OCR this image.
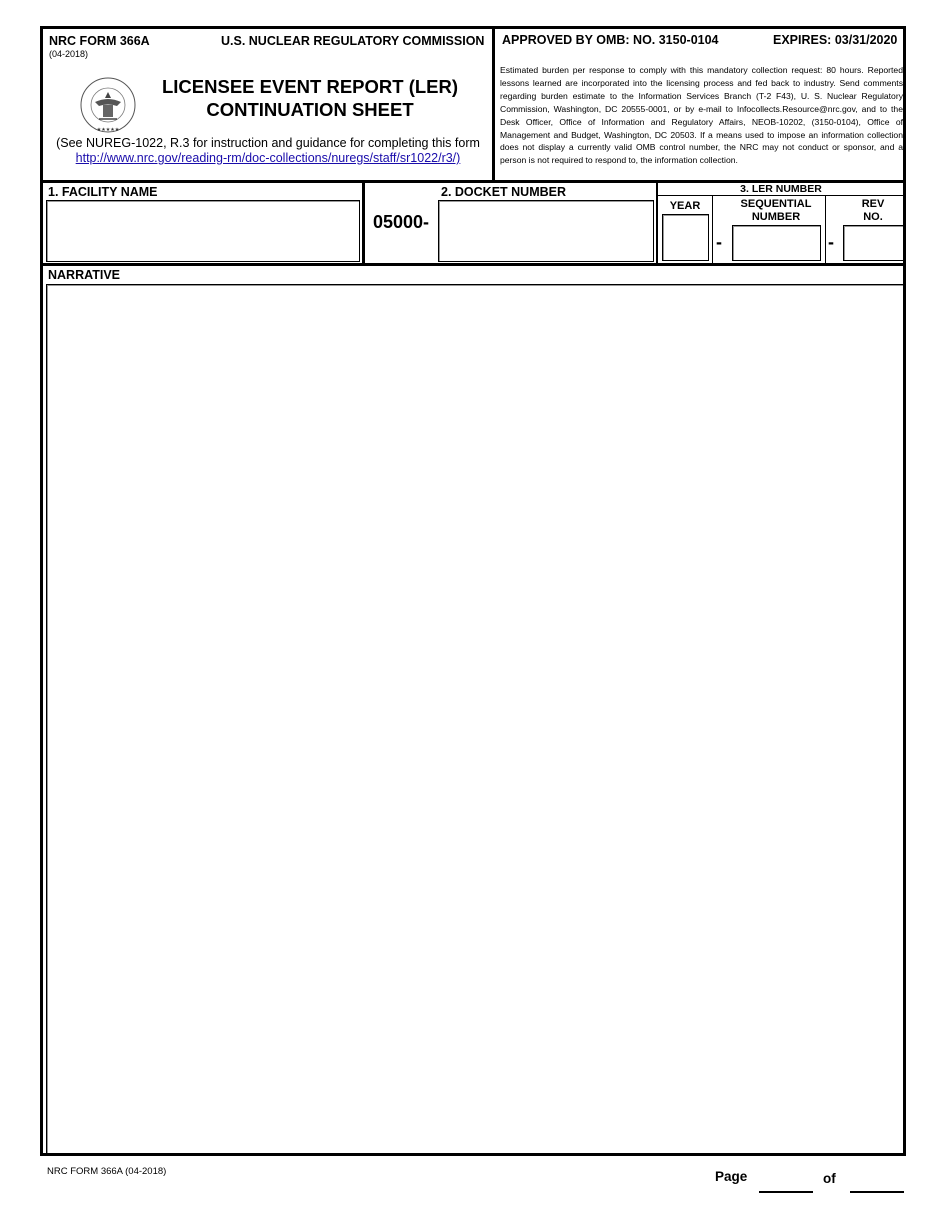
NRC FORM 366A
(04-2018)
U.S. NUCLEAR REGULATORY COMMISSION
★★★★★
LICENSEE EVENT REPORT (LER)
CONTINUATION SHEET
(See NUREG-1022, R.3 for instruction and guidance for completing this form
http://www.nrc.gov/reading-rm/doc-collections/nuregs/staff/sr1022/r3/)
APPROVED BY OMB: NO. 3150-0104	EXPIRES: 03/31/2020
Estimated burden per response to comply with this mandatory collection request: 80 hours. Reported lessons learned are incorporated into the licensing process and fed back to industry. Send comments regarding burden estimate to the Information Services Branch (T-2 F43), U. S. Nuclear Regulatory Commission, Washington, DC 20555-0001, or by e-mail to Infocollects.Resource@nrc.gov, and to the Desk Officer, Office of Information and Regulatory Affairs, NEOB-10202, (3150-0104), Office of Management and Budget, Washington, DC 20503. If a means used to impose an information collection does not display a currently valid OMB control number, the NRC may not conduct or sponsor, and a person is not required to respond to, the information collection.
1. FACILITY NAME	2. DOCKET NUMBER
05000-
3. LER NUMBER
YEAR
-
SEQUENTIAL
NUMBER
-
REV
NO.
NARRATIVE
NRC FORM 366A (04-2018)	Page	of
